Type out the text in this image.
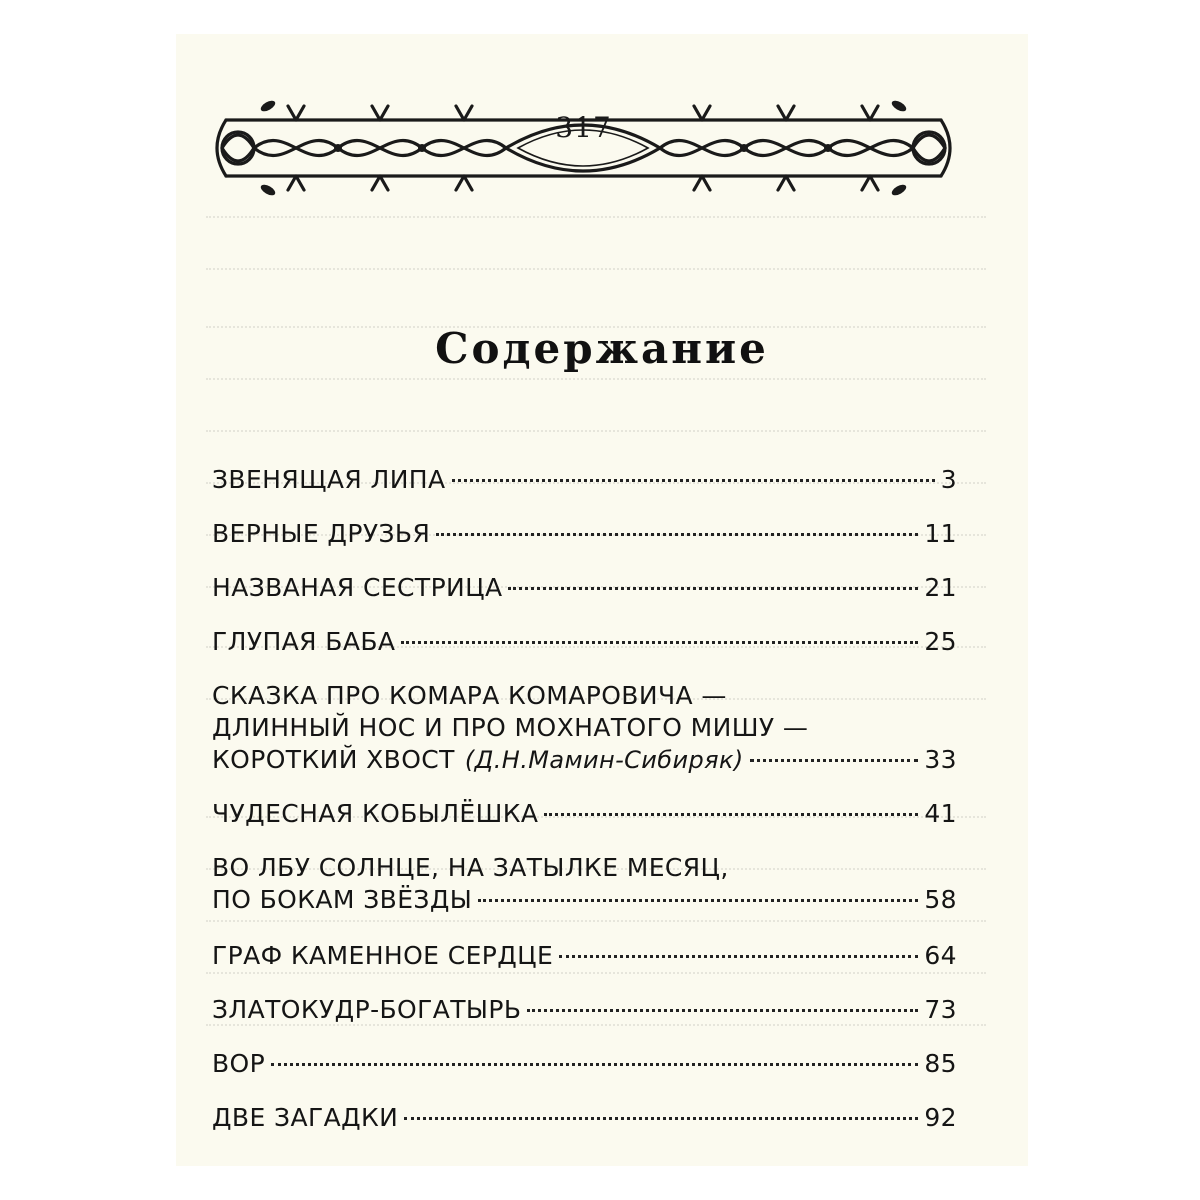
317
Содержание
ЗВЕНЯЩАЯ ЛИПА	3
ВЕРНЫЕ ДРУЗЬЯ	11
НАЗВАНАЯ СЕСТРИЦА	21
ГЛУПАЯ БАБА	25
СКАЗКА ПРО КОМАРА КОМАРОВИЧА —
ДЛИННЫЙ НОС И ПРО МОХНАТОГО МИШУ —
КОРОТКИЙ ХВОСТ (Д.Н.Мамин-Сибиряк)	33
ЧУДЕСНАЯ КОБЫЛЁШКА	41
ВО ЛБУ СОЛНЦЕ, НА ЗАТЫЛКЕ МЕСЯЦ,
ПО БОКАМ ЗВЁЗДЫ	58
ГРАФ КАМЕННОЕ СЕРДЦЕ	64
ЗЛАТОКУДР-БОГАТЫРЬ	73
ВОР	85
ДВЕ ЗАГАДКИ	92
